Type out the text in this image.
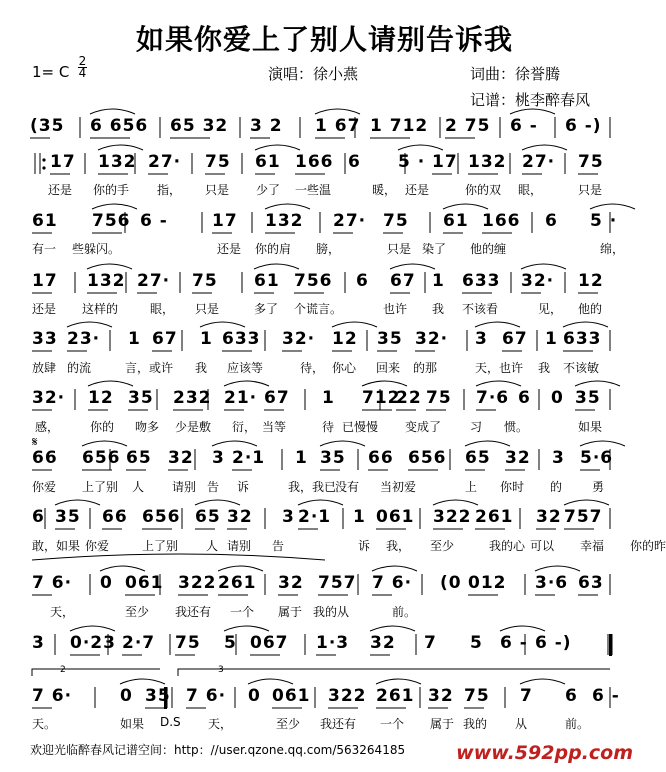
如果你爱上了别人请别告诉我
1= C
2
4	演唱：徐小燕	词曲：徐誉腾
记谱：桃李醉春风
𝄋
2	3
(35 6 656 65 32 3 2 1 67 1 712 2 75 6 - 6 -)
17 132 27· 75 61 166 6 5 · 17 132 27· 75
还是 你的手 指， 只是 少了 一些温	暖， 还是	你的双 眼，	只是
61 756 6 -	17 132 27· 75 61 166 6 5 ·
有一 些躲闪。	还是 你的肩 膀，	只是 染了 他的缠	绵，
17 132 27· 75 61 756 6 67 1 633 32· 12
还是 这样的	眼， 只是	多了 个谎言。	也许 我 不该看	见， 他的
33 23· 1 67 1 633 32· 12 35 32· 3 67 1 633
放肆 的流	言，或许 我 应该等	待， 你心 回来 的那	天，也许 我 不该敏
32· 12 35 232 21· 67 1 712
22 75 7·6 6 0 35
感，	你的 吻多 少是敷 衍， 当等	待 已慢慢 变成了 习 惯。	如果
66 656 65 32 3 2·1 1 35 66 656 65 32 3 5·6
你爱 上了别 人 请别 告 诉	我，我已
没有 当初爱	上 你时 的 勇
6 35 66 656 65 32 3 2·1 1 061 322 261 32 757
敢，如果 你爱	上了别 人 请别 告	诉 我， 至少	我的心 可以 幸福 你的昨
7 6· 0 061 322 261 32 757 7 6· (0 012 3·6 63
天，	至少 我还有 一个 属于 我的从	前。
3 0·23 2·7 75 5 067 1·3 32 7 5 6 - 6 -)
7 6·	0 35 7 6· 0 061 322 261 32 75 7 6 6 -
天。	如果 D.S 天，	至少 我还有 一个 属于 我的 从	前。
欢迎光临醉春风记谱空间：http：//user.qzone.qq.com/563264185	www.592pp.com
